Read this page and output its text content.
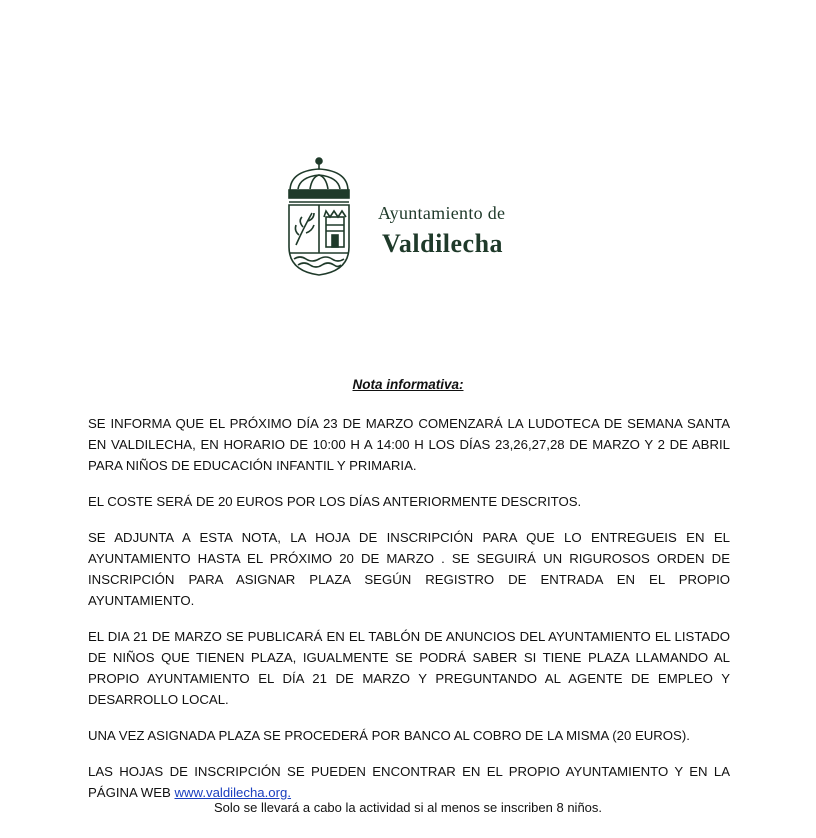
Ayuntamiento de
Valdilecha
Nota informativa:

SE INFORMA QUE EL PRÓXIMO DÍA 23 DE MARZO COMENZARÁ LA LUDOTECA DE SEMANA SANTA EN VALDILECHA, EN HORARIO DE 10:00 H A 14:00 H LOS DÍAS 23,26,27,28 DE MARZO Y 2 DE ABRIL PARA NIÑOS DE EDUCACIÓN INFANTIL Y PRIMARIA.

EL COSTE SERÁ DE 20 EUROS POR LOS DÍAS ANTERIORMENTE DESCRITOS.

SE ADJUNTA A ESTA NOTA, LA HOJA DE INSCRIPCIÓN PARA QUE LO ENTREGUEIS EN EL AYUNTAMIENTO HASTA EL PRÓXIMO 20 DE MARZO . SE SEGUIRÁ UN RIGUROSOS ORDEN DE INSCRIPCIÓN PARA ASIGNAR PLAZA SEGÚN REGISTRO DE ENTRADA EN EL PROPIO AYUNTAMIENTO.

EL DIA 21 DE MARZO SE PUBLICARÁ EN EL TABLÓN DE ANUNCIOS DEL AYUNTAMIENTO EL LISTADO DE NIÑOS QUE TIENEN PLAZA, IGUALMENTE SE PODRÁ SABER SI TIENE PLAZA LLAMANDO AL PROPIO AYUNTAMIENTO EL DÍA 21 DE MARZO Y PREGUNTANDO AL AGENTE DE EMPLEO Y DESARROLLO LOCAL.

UNA VEZ ASIGNADA PLAZA SE PROCEDERÁ POR BANCO AL COBRO DE LA MISMA (20 EUROS).

LAS HOJAS DE INSCRIPCIÓN SE PUEDEN ENCONTRAR EN EL PROPIO AYUNTAMIENTO Y EN LA PÁGINA WEB www.valdilecha.org.

Solo se llevará a cabo la actividad si al menos se inscriben 8 niños.
